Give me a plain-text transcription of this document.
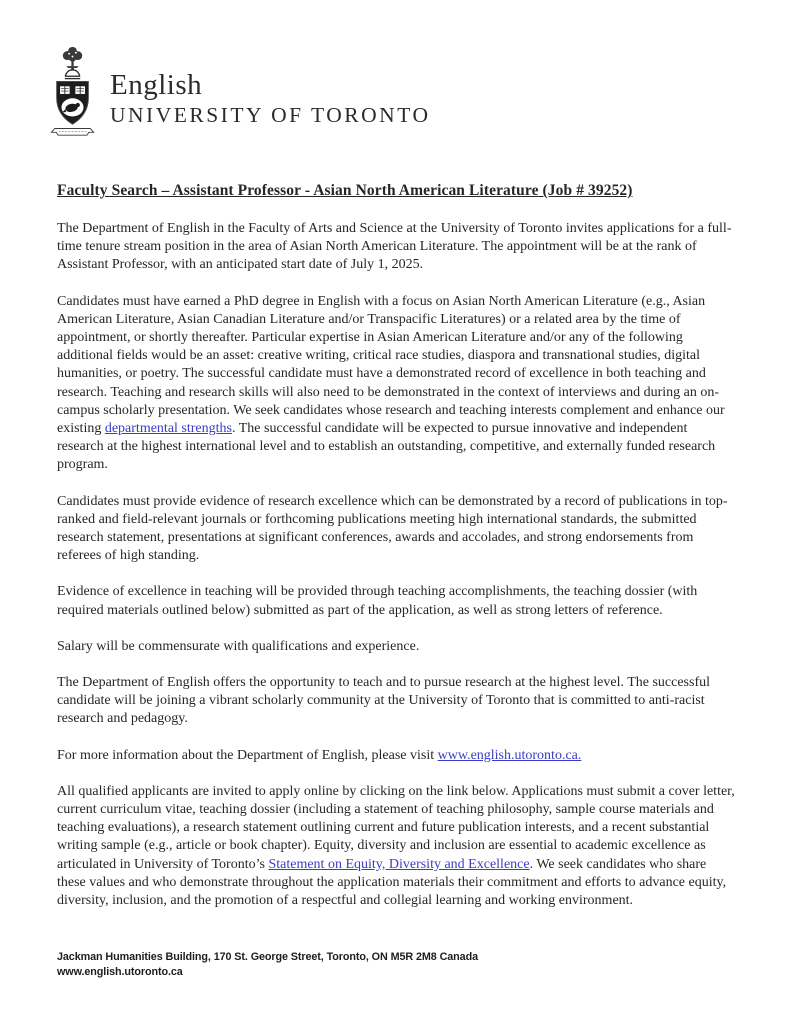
English
UNIVERSITY OF TORONTO
Faculty Search – Assistant Professor - Asian North American Literature (Job # 39252)

The Department of English in the Faculty of Arts and Science at the University of Toronto invites applications for a full-time tenure stream position in the area of Asian North American Literature. The appointment will be at the rank of Assistant Professor, with an anticipated start date of July 1, 2025.

Candidates must have earned a PhD degree in English with a focus on Asian North American Literature (e.g., Asian American Literature, Asian Canadian Literature and/or Transpacific Literatures) or a related area by the time of appointment, or shortly thereafter. Particular expertise in Asian American Literature and/or any of the following additional fields would be an asset: creative writing, critical race studies, diaspora and transnational studies, digital humanities, or poetry. The successful candidate must have a demonstrated record of excellence in both teaching and research. Teaching and research skills will also need to be demonstrated in the context of interviews and during an on-campus scholarly presentation. We seek candidates whose research and teaching interests complement and enhance our existing departmental strengths. The successful candidate will be expected to pursue innovative and independent research at the highest international level and to establish an outstanding, competitive, and externally funded research program.

Candidates must provide evidence of research excellence which can be demonstrated by a record of publications in top-ranked and field-relevant journals or forthcoming publications meeting high international standards, the submitted research statement, presentations at significant conferences, awards and accolades, and strong endorsements from referees of high standing.

Evidence of excellence in teaching will be provided through teaching accomplishments, the teaching dossier (with required materials outlined below) submitted as part of the application, as well as strong letters of reference.

Salary will be commensurate with qualifications and experience.

The Department of English offers the opportunity to teach and to pursue research at the highest level. The successful candidate will be joining a vibrant scholarly community at the University of Toronto that is committed to anti-racist research and pedagogy.

For more information about the Department of English, please visit www.english.utoronto.ca.

All qualified applicants are invited to apply online by clicking on the link below. Applications must submit a cover letter, current curriculum vitae, teaching dossier (including a statement of teaching philosophy, sample course materials and teaching evaluations), a research statement outlining current and future publication interests, and a recent substantial writing sample (e.g., article or book chapter). Equity, diversity and inclusion are essential to academic excellence as articulated in University of Toronto’s Statement on Equity, Diversity and Excellence. We seek candidates who share these values and who demonstrate throughout the application materials their commitment and efforts to advance equity, diversity, inclusion, and the promotion of a respectful and collegial learning and working environment.

Jackman Humanities Building, 170 St. George Street, Toronto, ON M5R 2M8 Canada
www.english.utoronto.ca
